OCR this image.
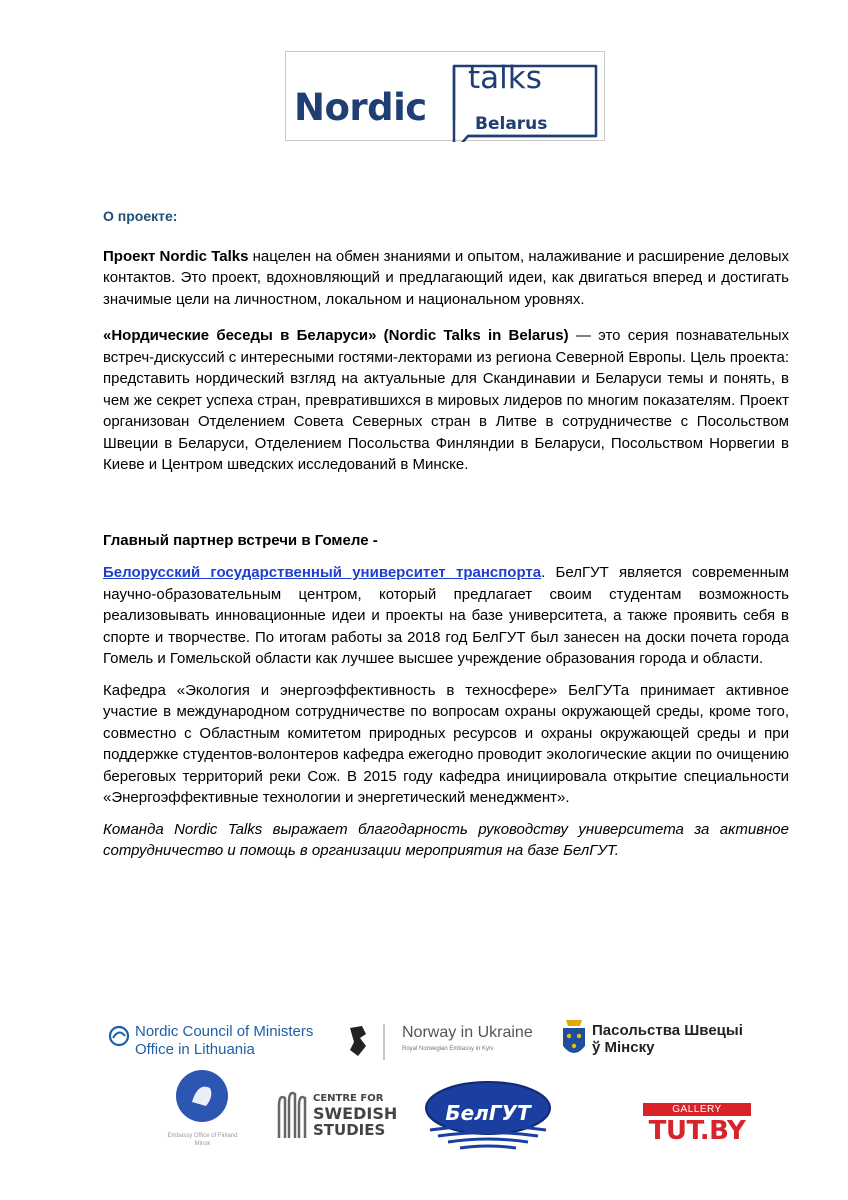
Nordic
talks
Belarus
О проекте:

Проект Nordic Talks нацелен на обмен знаниями и опытом, налаживание и расширение деловых контактов. Это проект, вдохновляющий и предлагающий идеи, как двигаться вперед и достигать значимые цели на личностном, локальном и национальном уровнях.

«Нордические беседы в Беларуси» (Nordic Talks in Belarus) — это серия познавательных встреч-дискуссий с интересными гостями-лекторами из региона Северной Европы. Цель проекта: представить нордический взгляд на актуальные для Скандинавии и Беларуси темы и понять, в чем же секрет успеха стран, превратившихся в мировых лидеров по многим показателям. Проект организован Отделением Совета Северных стран в Литве в сотрудничестве с Посольством Швеции в Беларуси, Отделением Посольства Финляндии в Беларуси, Посольством Норвегии в Киеве и Центром шведских исследований в Минске.

Главный партнер встречи в Гомеле -

Белорусский государственный университет транспорта. БелГУТ является современным научно-образовательным центром, который предлагает своим студентам возможность реализовывать инновационные идеи и проекты на базе университета, а также проявить себя в спорте и творчестве. По итогам работы за 2018 год БелГУТ был занесен на доски почета города Гомель и Гомельской области как лучшее высшее учреждение образования города и области.

Кафедра «Экология и энергоэффективность в техносфере» БелГУТа принимает активное участие в международном сотрудничестве по вопросам охраны окружающей среды, кроме того, совместно с Областным комитетом природных ресурсов и охраны окружающей среды и при поддержке студентов-волонтеров кафедра ежегодно проводит экологические акции по очищению береговых территорий реки Сож. В 2015 году кафедра инициировала открытие специальности «Энергоэффективные технологии и энергетический менеджмент».

Команда Nordic Talks выражает благодарность руководству университета за активное сотрудничество и помощь в организации мероприятия на базе БелГУТ.

Nordic Council of Ministers
Office in Lithuania
Norway in Ukraine
Royal Norwegian Embassy in Kyiv
Пасольства Швецыі
ў Мінску
Embassy Office of Finland
Minsk
CENTRE FOR
SWEDISH
STUDIES
БелГУТ	GALLERY
TUT.BY
